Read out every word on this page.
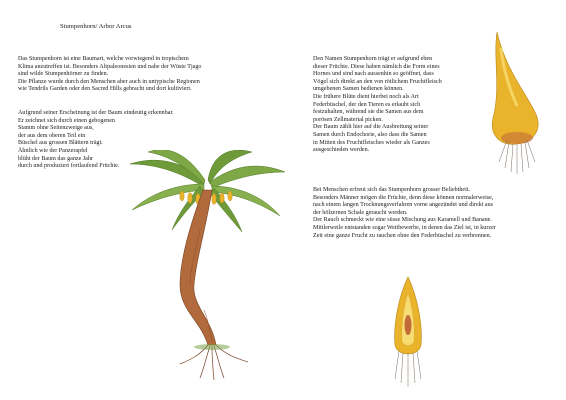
Stumpenhorn/ Arbor Arcus
Das Stumpenhorn ist eine Baumart, welche vorwiegend in tropischem
Klima anzutreffen ist. Besonders Altpaleonesien und nahe der Wüste Tjago
sind wilde Stumpenhörner zu finden.
Die Pflanze wurde durch den Menschen aber auch in untypische Regionen
wie Tendrils Garden oder den Sacred Hills gebracht und dort kultiviert.
Aufgrund seiner Erscheinung ist der Baum eindeutig erkennbar.
Er zeichnet sich durch einen gebogenen
Stamm ohne Seitenzweige aus,
der aus dem oberen Teil ein
Büschel aus grossen Blättern trägt.
Ähnlich wie der Panzerapfel
blüht der Baum das ganze Jahr
durch und produziert fortlaufend Früchte.
Den Namen Stumpenhorn trägt er aufgrund eben
dieser Früchte. Diese haben nämlich die Form eines
Hornes und sind nach aussenhin so geöffnet, dass
Vögel sich direkt an den von rötlichem Fruchtfleisch
umgebenen Samen bedienen können.
Die frühere Blüte dient hierbei noch als Art
Federbüschel, der den Tieren es erlaubt sich
festzuhalten, während sie die Samen aus dem
porösen Zellmaterial picken.
Der Baum zählt hier auf die Ausbreitung seiner
Samen durch Endochorie, also dass die Samen
in Mitten des Fruchtfleisches wieder als Ganzes
ausgeschieden werden.
Bei Menschen erfreut sich das Stumpenhorn grosser Beliebtheit.
Besonders Männer mögen die Früchte, denn diese können normalerweise,
nach einem langen Trocknungsverfahren vorne angezündet und direkt aus
der hölzernen Schale geraucht werden.
Der Rauch schmeckt wie eine süsse Mischung aus Karamell und Banane.
Mittlerweile entstanden sogar Wettbewerbe, in denen das Ziel ist, in kurzer
Zeit eine ganze Frucht zu rauchen ohne den Federbüschel zu verbrennen.
